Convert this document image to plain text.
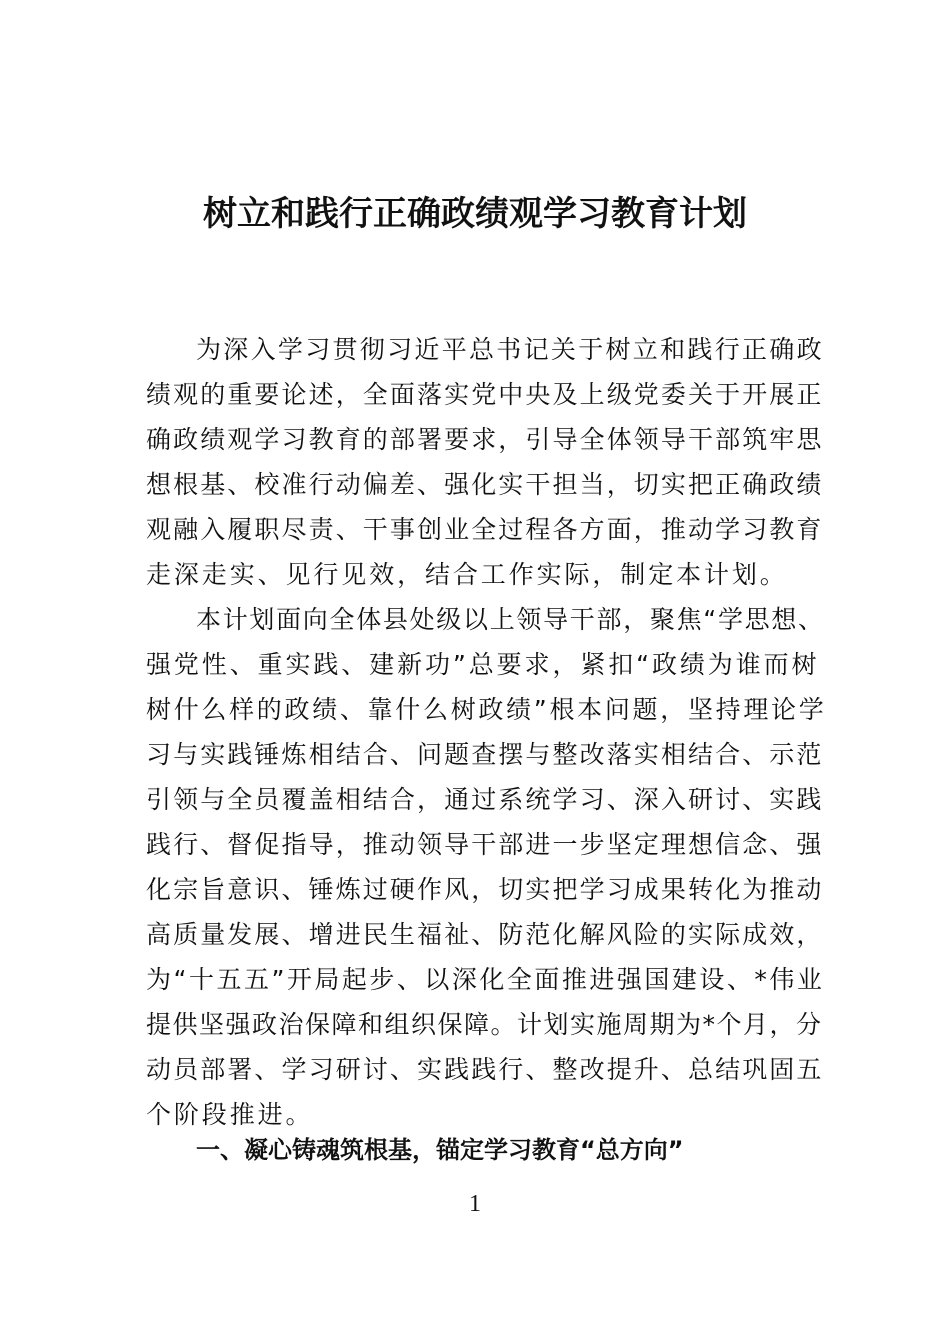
树立和践行正确政绩观学习教育计划
为深入学习贯彻习近平总书记关于树立和践行正确政
绩观的重要论述，全面落实党中央及上级党委关于开展正
确政绩观学习教育的部署要求，引导全体领导干部筑牢思
想根基、校准行动偏差、强化实干担当，切实把正确政绩
观融入履职尽责、干事创业全过程各方面，推动学习教育
走深走实、见行见效，结合工作实际，制定本计划。
本计划面向全体县处级以上领导干部，聚焦“学思想、
强党性、重实践、建新功”总要求，紧扣“政绩为谁而树
树什么样的政绩、靠什么树政绩”根本问题，坚持理论学
习与实践锤炼相结合、问题查摆与整改落实相结合、示范
引领与全员覆盖相结合，通过系统学习、深入研讨、实践
践行、督促指导，推动领导干部进一步坚定理想信念、强
化宗旨意识、锤炼过硬作风，切实把学习成果转化为推动
高质量发展、增进民生福祉、防范化解风险的实际成效，
为“十五五”开局起步、以深化全面推进强国建设、*伟业
提供坚强政治保障和组织保障。计划实施周期为*个月，分
动员部署、学习研讨、实践践行、整改提升、总结巩固五
个阶段推进。
一、凝心铸魂筑根基，锚定学习教育“总方向”
1
